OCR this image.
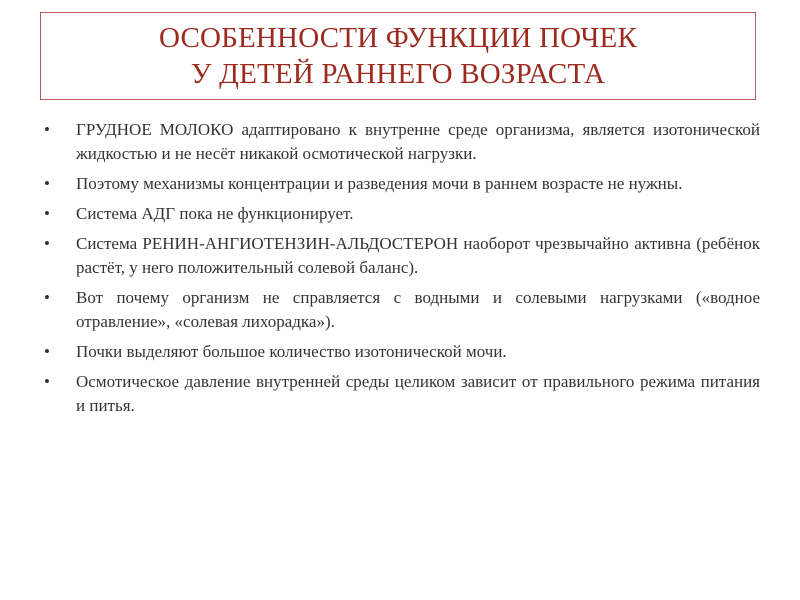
ОСОБЕННОСТИ ФУНКЦИИ ПОЧЕК
У ДЕТЕЙ РАННЕГО ВОЗРАСТА
• ГРУДНОЕ МОЛОКО адаптировано к внутренне среде организма, является изотонической жидкостью и не несёт никакой осмотической нагрузки.
• Поэтому механизмы концентрации и разведения мочи в раннем возрасте не нужны.
• Система АДГ пока не функционирует.
• Система РЕНИН-АНГИОТЕНЗИН-АЛЬДОСТЕРОН наоборот чрезвычайно активна (ребёнок растёт, у него положительный солевой баланс).
• Вот почему организм не справляется с водными и солевыми нагрузками («водное отравление», «солевая лихорадка»).
• Почки выделяют большое количество изотонической мочи.
• Осмотическое давление внутренней среды целиком зависит от правильного режима питания и питья.
